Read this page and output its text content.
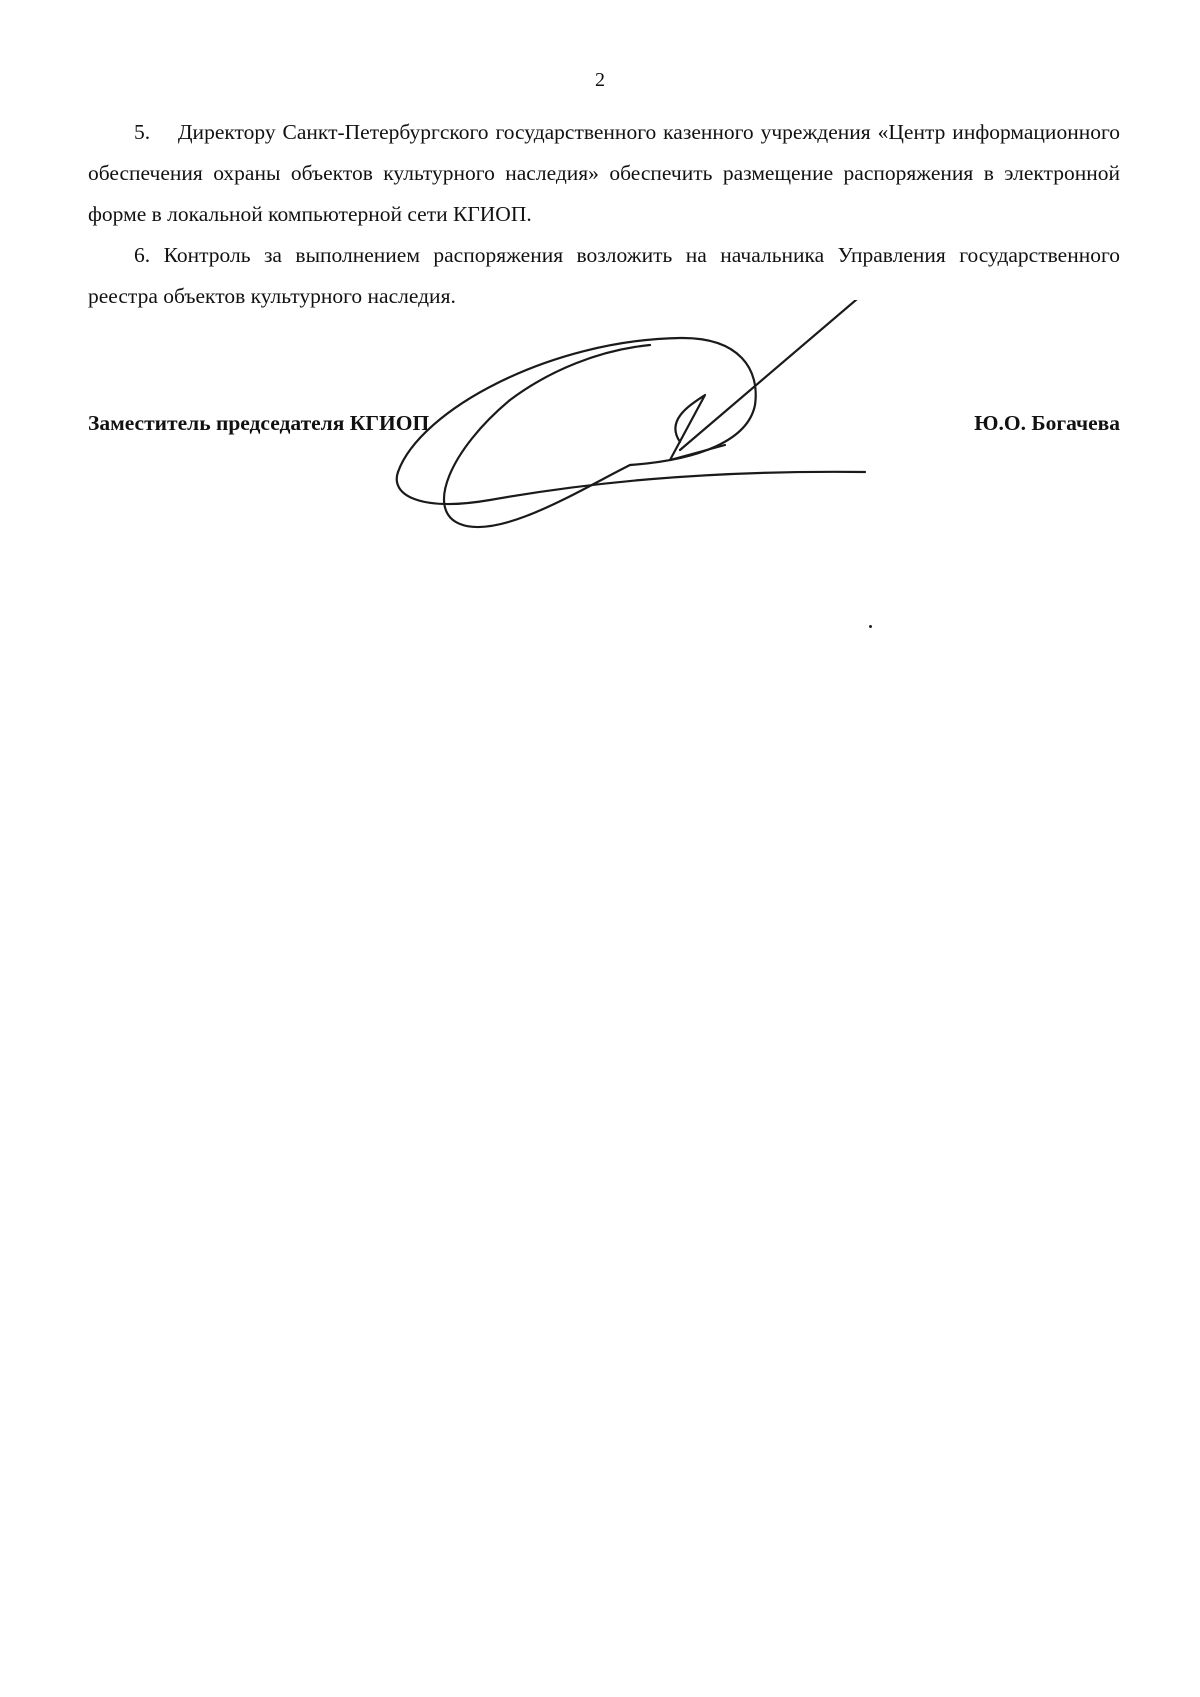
2

5.    Директору Санкт-Петербургского государственного казенного учреждения «Центр информационного обеспечения охраны объектов культурного наследия» обеспечить размещение распоряжения в электронной форме в локальной компьютерной сети КГИОП.

6. Контроль за выполнением распоряжения возложить на начальника Управления государственного реестра объектов культурного наследия.

Заместитель председателя КГИОП	Ю.О. Богачева
